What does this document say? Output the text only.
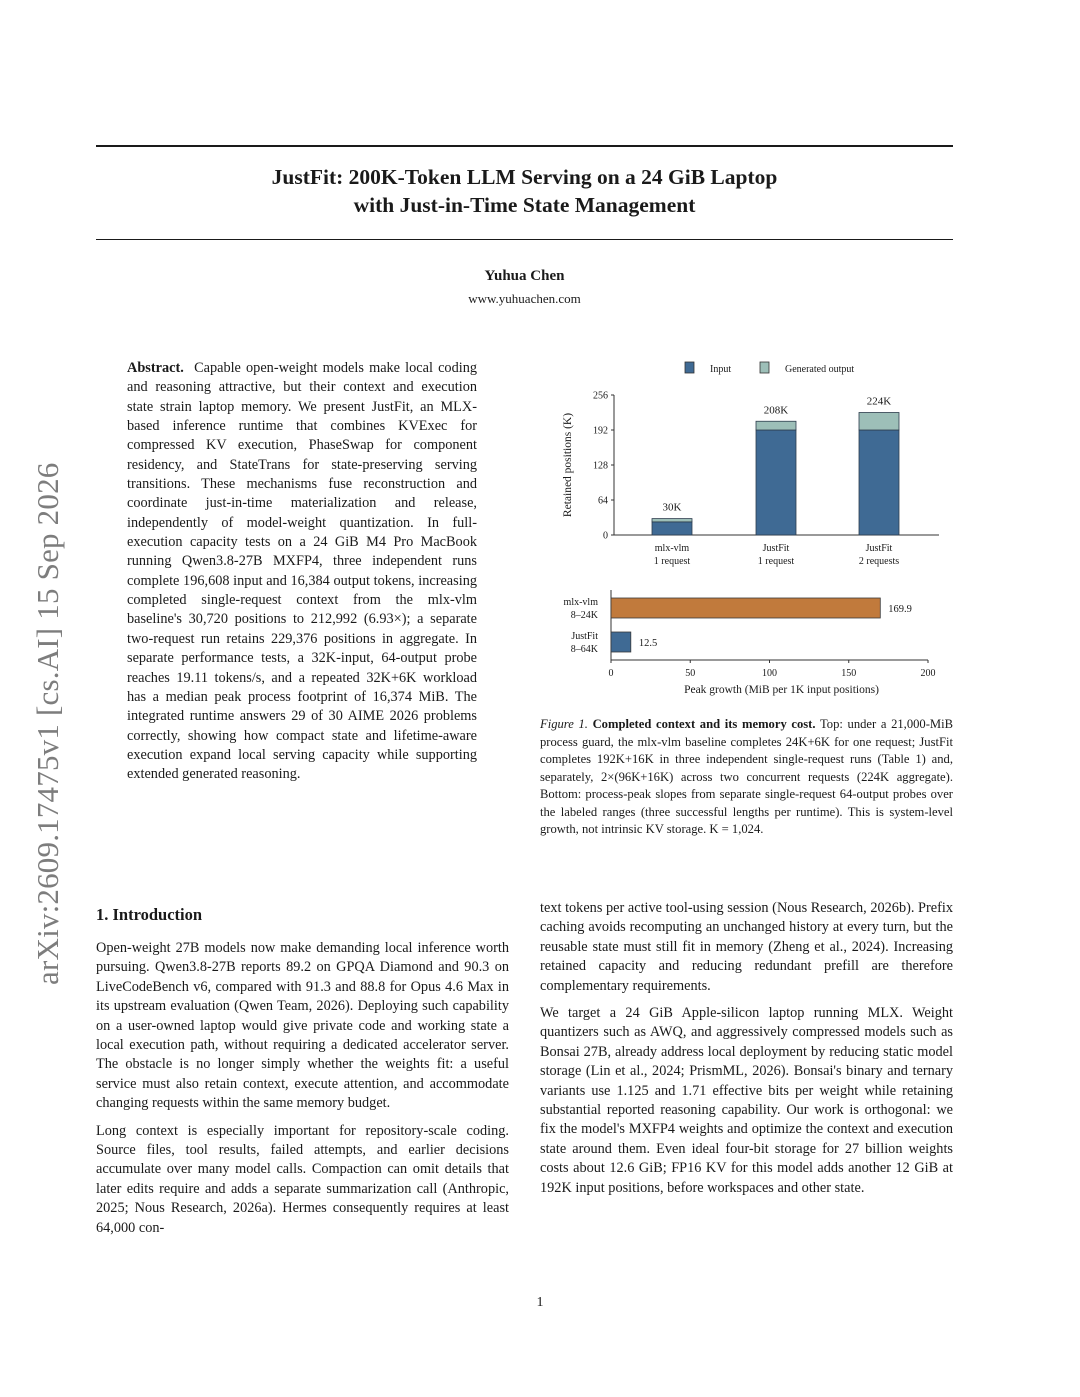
JustFit: 200K-Token LLM Serving on a 24 GiB Laptop
with Just-in-Time State Management
Yuhua Chen
www.yuhuachen.com
arXiv:2609.17475v1 [cs.AI] 15 Sep 2026
Abstract. Capable open-weight models make local coding and reasoning attractive, but their context and execution state strain laptop memory. We present JustFit, an MLX-based inference runtime that combines KVExec for compressed KV execution, PhaseSwap for component residency, and StateTrans for state-preserving serving transitions. These mechanisms fuse reconstruction and coordinate just-in-time materialization and release, independently of model-weight quantization. In full-execution capacity tests on a 24 GiB M4 Pro MacBook running Qwen3.8-27B MXFP4, three independent runs complete 196,608 input and 16,384 output tokens, increasing completed single-request context from the mlx-vlm baseline's 30,720 positions to 212,992 (6.93×); a separate two-request run retains 229,376 positions in aggregate. In separate performance tests, a 32K-input, 64-output probe reaches 19.11 tokens/s, and a repeated 32K+6K workload has a median peak process footprint of 16,374 MiB. The integrated runtime answers 29 of 30 AIME 2026 problems correctly, showing how compact state and lifetime-aware execution expand local serving capacity while supporting extended generated reasoning.
Input	Generated output
0
64
128
192
256
Retained positions (K)	30K
mlx-vlm
1 request
208K
JustFit
1 request
224K
JustFit
2 requests
169.9
mlx-vlm
8–24K
12.5
JustFit
8–64K
0	50	100	150	200
Peak growth (MiB per 1K input positions)
Figure 1. Completed context and its memory cost. Top: under a 21,000-MiB process guard, the mlx-vlm baseline completes 24K+6K for one request; JustFit completes 192K+16K in three independent single-request runs (Table 1) and, separately, 2×(96K+16K) across two concurrent requests (224K aggregate). Bottom: process-peak slopes from separate single-request 64-output probes over the labeled ranges (three successful lengths per runtime). This is system-level growth, not intrinsic KV storage. K = 1,024.
1. Introduction

Open-weight 27B models now make demanding local inference worth pursuing. Qwen3.8-27B reports 89.2 on GPQA Diamond and 90.3 on LiveCodeBench v6, compared with 91.3 and 88.8 for Opus 4.6 Max in its upstream evaluation (Qwen Team, 2026). Deploying such capability on a user-owned laptop would give private code and working state a local execution path, without requiring a dedicated accelerator server. The obstacle is no longer simply whether the weights fit: a useful service must also retain context, execute attention, and accommodate changing requests within the same memory budget.

Long context is especially important for repository-scale coding. Source files, tool results, failed attempts, and earlier decisions accumulate over many model calls. Compaction can omit details that later edits require and adds a separate summarization call (Anthropic, 2025; Nous Research, 2026a). Hermes consequently requires at least 64,000 con-

text tokens per active tool-using session (Nous Research, 2026b). Prefix caching avoids recomputing an unchanged history at every turn, but the reusable state must still fit in memory (Zheng et al., 2024). Increasing retained capacity and reducing redundant prefill are therefore complementary requirements.

We target a 24 GiB Apple-silicon laptop running MLX. Weight quantizers such as AWQ, and aggressively compressed models such as Bonsai 27B, already address local deployment by reducing static model storage (Lin et al., 2024; PrismML, 2026). Bonsai's binary and ternary variants use 1.125 and 1.71 effective bits per weight while retaining substantial reported reasoning capability. Our work is orthogonal: we fix the model's MXFP4 weights and optimize the context and execution state around them. Even ideal four-bit storage for 27 billion weights costs about 12.6 GiB; FP16 KV for this model adds another 12 GiB at 192K input positions, before workspaces and other state.

1
